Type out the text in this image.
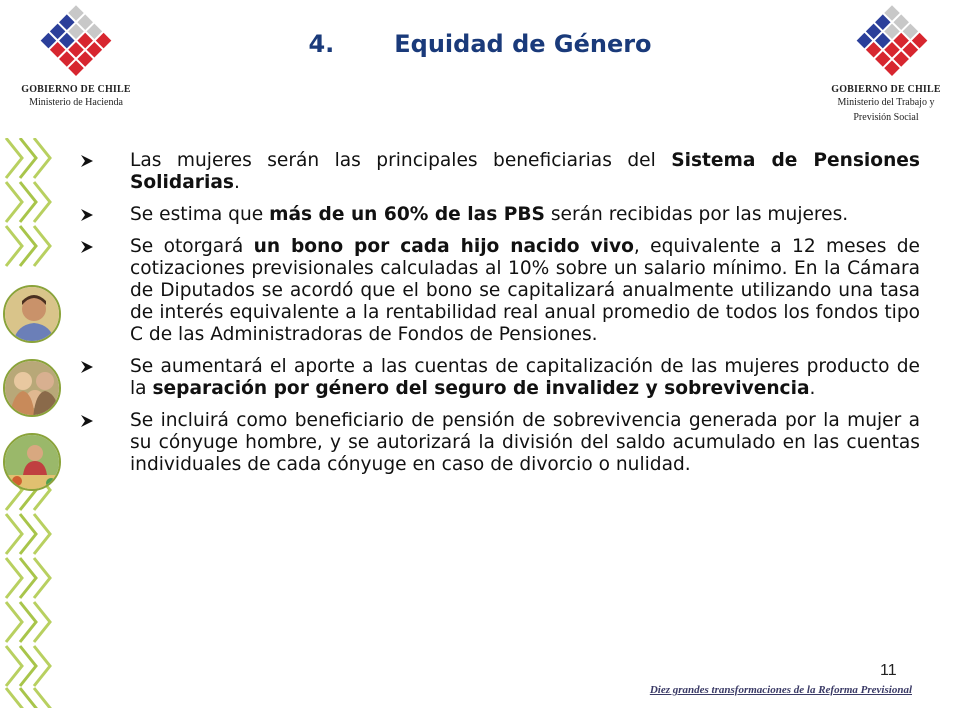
GOBIERNO DE CHILE
Ministerio de Hacienda
GOBIERNO DE CHILE
Ministerio del Trabajo y
Previsión Social
4.	Equidad de Género
Las mujeres serán las principales beneficiarias del Sistema de Pensiones Solidarias.
Se estima que más de un 60% de las PBS serán recibidas por las mujeres.
Se otorgará un bono por cada hijo nacido vivo, equivalente a 12 meses de cotizaciones previsionales calculadas al 10% sobre un salario mínimo. En la Cámara de Diputados se acordó que el bono se capitalizará anualmente utilizando una tasa de interés equivalente a la rentabilidad real anual promedio de todos los fondos tipo C de las Administradoras de Fondos de Pensiones.
Se aumentará el aporte a las cuentas de capitalización de las mujeres producto de la separación por género del seguro de invalidez y sobrevivencia.
Se incluirá como beneficiario de pensión de sobrevivencia generada por la mujer a su cónyuge hombre, y se autorizará la división del saldo acumulado en las cuentas individuales de cada cónyuge en caso de divorcio o nulidad.
11
Diez grandes transformaciones de la Reforma Previsional
